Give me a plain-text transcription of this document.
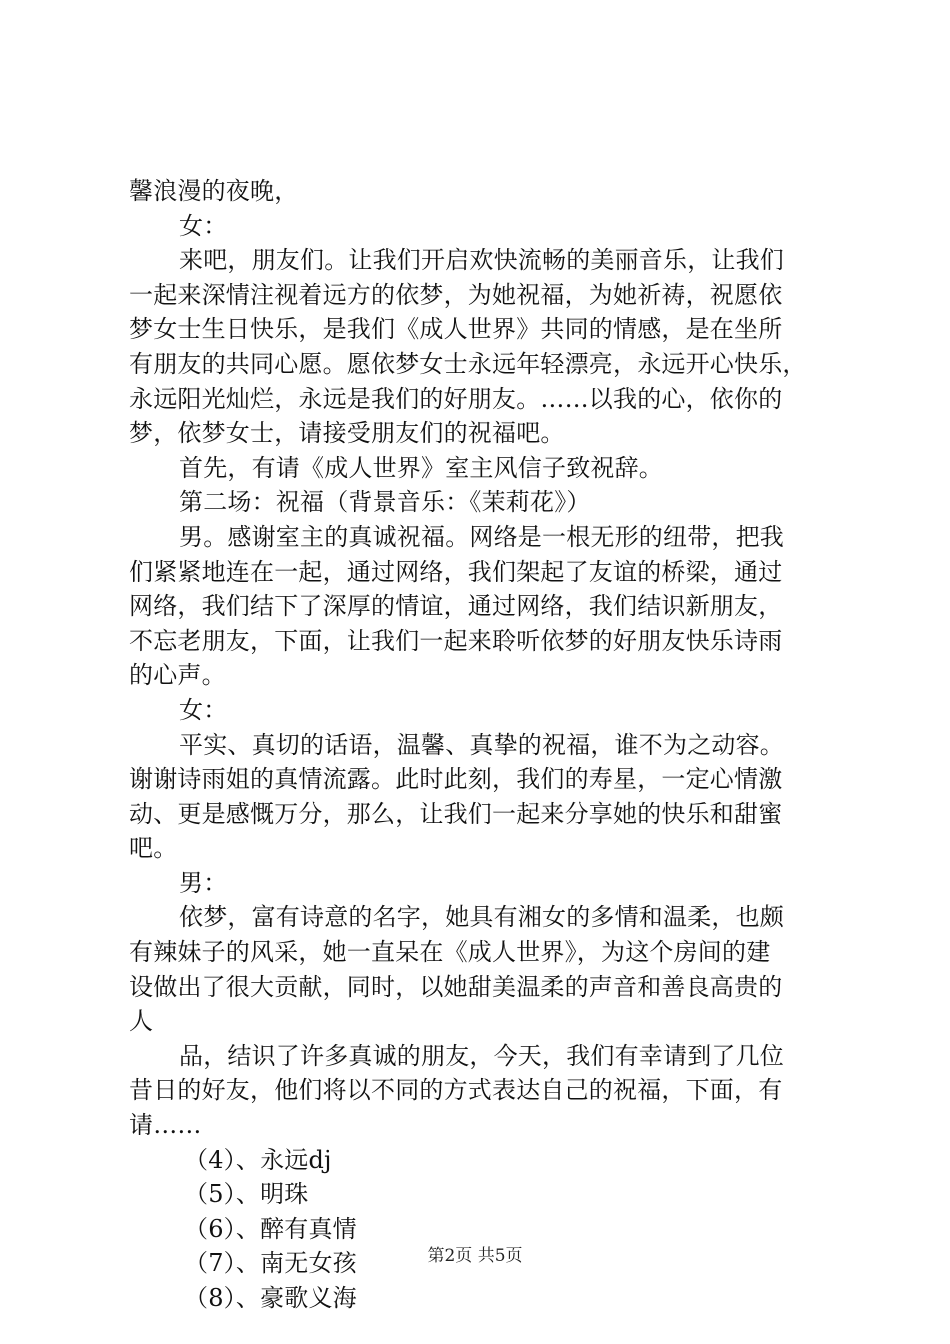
馨浪漫的夜晚，
女：
来吧，朋友们。让我们开启欢快流畅的美丽音乐，让我们
一起来深情注视着远方的依梦，为她祝福，为她祈祷，祝愿依
梦女士生日快乐，是我们《成人世界》共同的情感，是在坐所
有朋友的共同心愿。愿依梦女士永远年轻漂亮，永远开心快乐，
永远阳光灿烂，永远是我们的好朋友。……以我的心，依你的
梦，依梦女士，请接受朋友们的祝福吧。
首先，有请《成人世界》室主风信子致祝辞。
第二场：祝福（背景音乐：《茉莉花》）
男。感谢室主的真诚祝福。网络是一根无形的纽带，把我
们紧紧地连在一起，通过网络，我们架起了友谊的桥梁，通过
网络，我们结下了深厚的情谊，通过网络，我们结识新朋友，
不忘老朋友，下面，让我们一起来聆听依梦的好朋友快乐诗雨
的心声。
女：
平实、真切的话语，温馨、真挚的祝福，谁不为之动容。
谢谢诗雨姐的真情流露。此时此刻，我们的寿星，一定心情激
动、更是感慨万分，那么，让我们一起来分享她的快乐和甜蜜
吧。
男：
依梦，富有诗意的名字，她具有湘女的多情和温柔，也颇
有辣妹子的风采，她一直呆在《成人世界》，为这个房间的建
设做出了很大贡献，同时，以她甜美温柔的声音和善良高贵的
人
品，结识了许多真诚的朋友，今天，我们有幸请到了几位
昔日的好友，他们将以不同的方式表达自己的祝福，下面，有
请……
（4）、永远dj
（5）、明珠
（6）、醉有真情
（7）、南无女孩
（8）、豪歌义海
第2页 共5页
